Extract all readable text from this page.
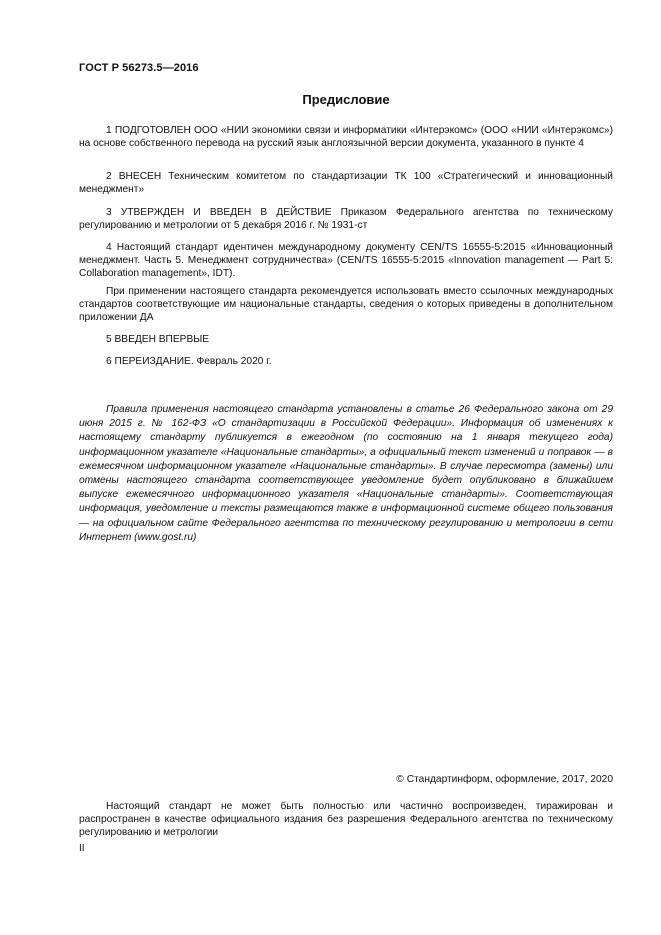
ГОСТ Р 56273.5—2016
Предисловие

1 ПОДГОТОВЛЕН ООО «НИИ экономики связи и информатики «Интерэкомс» (ООО «НИИ «Интерэкомс») на основе собственного перевода на русский язык англоязычной версии документа, указанного в пункте 4

2 ВНЕСЕН Техническим комитетом по стандартизации ТК 100 «Стратегический и инновационный менеджмент»

3 УТВЕРЖДЕН И ВВЕДЕН В ДЕЙСТВИЕ Приказом Федерального агентства по техническому регулированию и метрологии от 5 декабря 2016 г. № 1931-ст

4 Настоящий стандарт идентичен международному документу CEN/TS 16555-5:2015 «Инновационный менеджмент. Часть 5. Менеджмент сотрудничества» (CEN/TS 16555-5:2015 «Innovation management — Part 5: Collaboration management», IDT).

При применении настоящего стандарта рекомендуется использовать вместо ссылочных международных стандартов соответствующие им национальные стандарты, сведения о которых приведены в дополнительном приложении ДА

5 ВВЕДЕН ВПЕРВЫЕ

6 ПЕРЕИЗДАНИЕ. Февраль 2020 г.

Правила применения настоящего стандарта установлены в статье 26 Федерального закона от 29 июня 2015 г. № 162-ФЗ «О стандартизации в Российской Федерации». Информация об изменениях к настоящему стандарту публикуется в ежегодном (по состоянию на 1 января текущего года) информационном указателе «Национальные стандарты», а официальный текст изменений и поправок — в ежемесячном информационном указателе «Национальные стандарты». В случае пересмотра (замены) или отмены настоящего стандарта соответствующее уведомление будет опубликовано в ближайшем выпуске ежемесячного информационного указателя «Национальные стандарты». Соответствующая информация, уведомление и тексты размещаются также в информационной системе общего пользования — на официальном сайте Федерального агентства по техническому регулированию и метрологии в сети Интернет (www.gost.ru)

© Стандартинформ, оформление, 2017, 2020

Настоящий стандарт не может быть полностью или частично воспроизведен, тиражирован и распространен в качестве официального издания без разрешения Федерального агентства по техническому регулированию и метрологии

II
